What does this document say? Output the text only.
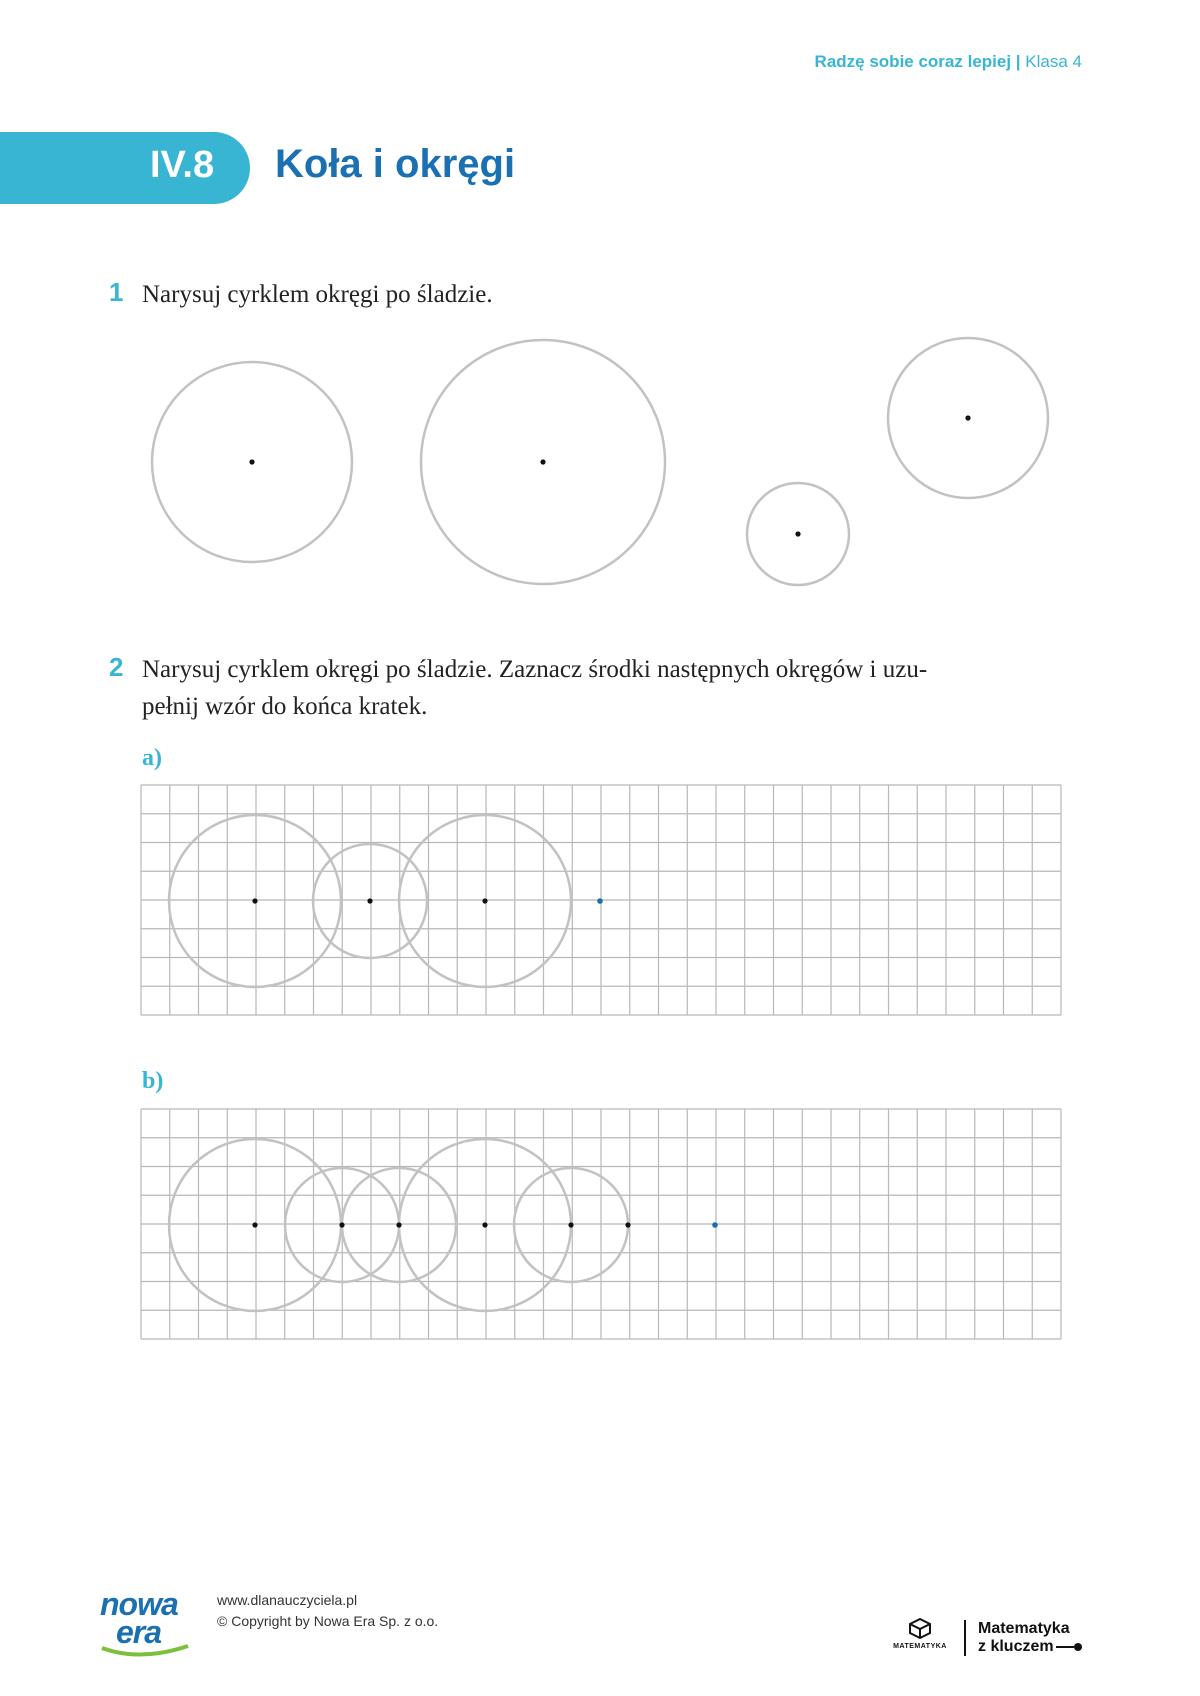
Radzę sobie coraz lepiej | Klasa 4
IV.8 Koła i okręgi
1 Narysuj cyrklem okręgi po śladzie.
2 Narysuj cyrklem okręgi po śladzie. Zaznacz środki następnych okręgów i uzu-
pełnij wzór do końca kratek.
a)
b)
nowa
era
www.dlanauczyciela.pl
© Copyright by Nowa Era Sp. z o.o.
MATEMATYKA
Matematyka
z kluczem
